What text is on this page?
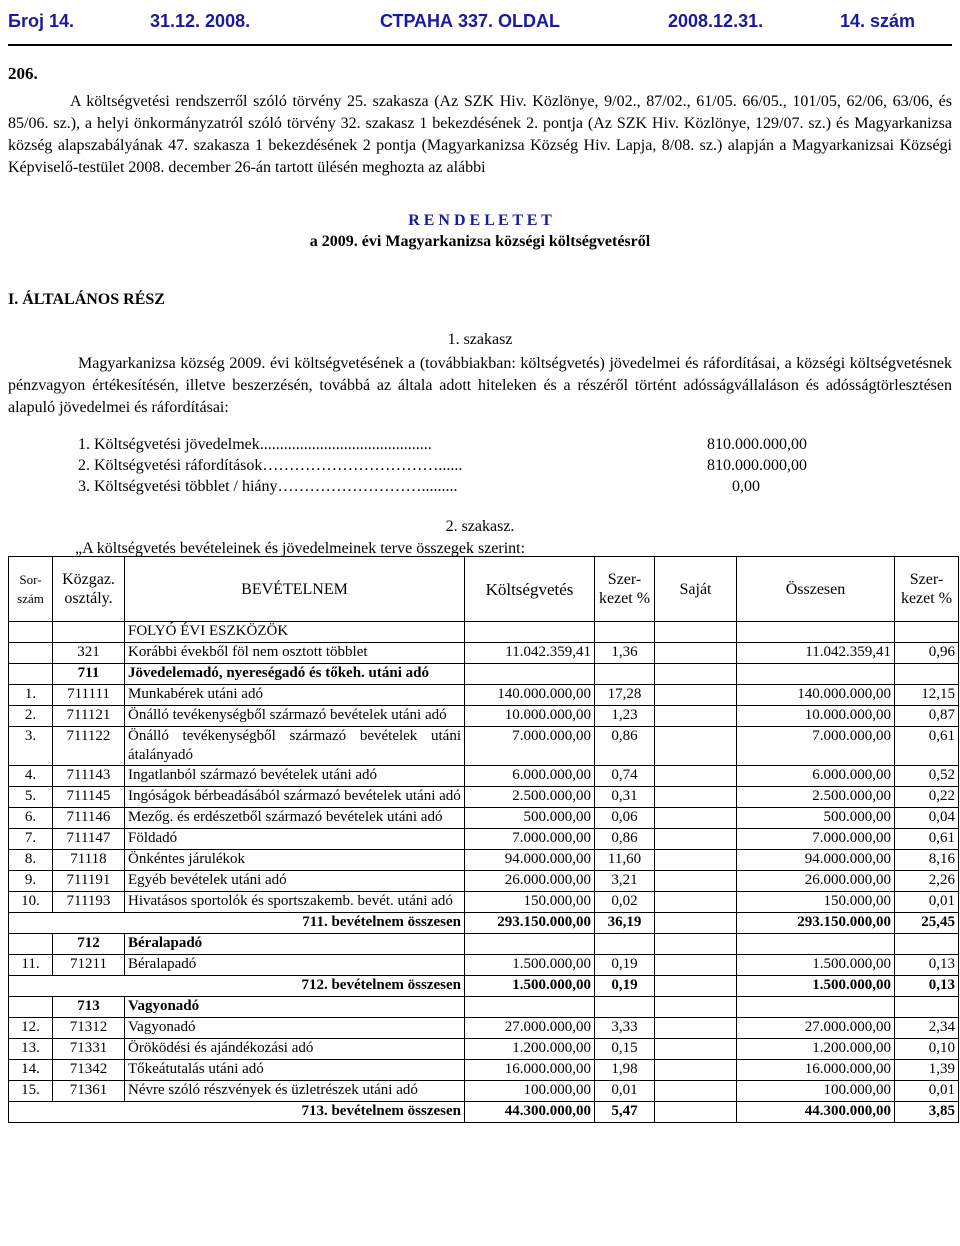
Бroj 14.	31.12. 2008.	СТРАНА 337. OLDAL	2008.12.31.	14. szám
206.

A költségvetési rendszerről szóló törvény 25. szakasza (Az SZK Hiv. Közlönye, 9/02., 87/02., 61/05. 66/05., 101/05, 62/06, 63/06, és 85/06. sz.), a helyi önkormányzatról szóló törvény 32. szakasz 1 bekezdésének 2. pontja (Az SZK Hiv. Közlönye, 129/07. sz.) és Magyarkanizsa község alapszabályának 47. szakasza 1 bekezdésének 2 pontja (Magyarkanizsa Község Hiv. Lapja, 8/08. sz.) alapján a Magyarkanizsai Községi Képviselő-testület 2008. december 26-án tartott ülésén meghozta az alábbi

R E N D E L E T E T
a 2009. évi Magyarkanizsa községi költségvetésről
I. ÁLTALÁNOS RÉSZ
1. szakasz

Magyarkanizsa község 2009. évi költségvetésének a (továbbiakban: költségvetés) jövedelmei és ráfordításai, a községi költségvetésnek pénzvagyon értékesítésén, illetve beszerzésén, továbbá az általa adott hiteleken és a részéről történt adósságvállaláson és adósságtörlesztésen alapuló jövedelmei és ráfordításai:

1. Költségvetési jövedelmek...........................................	810.000.000,00
2. Költségvetési ráfordítások……………………………......	810.000.000,00
3. Költségvetési többlet / hiány……………………….........	0,00
2. szakasz.
„A költségvetés bevételeinek és jövedelmeinek terve összegek szerint:
Sor-szám	Közgaz. osztály.	BEVÉTELNEM	Költségvetés	Szer-kezet %	Saját	Összesen	Szer-kezet %
		FOLYÓ ÉVI ESZKÖZÖK					
	321	Korábbi évekből föl nem osztott többlet	11.042.359,41	1,36		11.042.359,41	0,96
	711	Jövedelemadó, nyereségadó és tőkeh. utáni adó					
1.	711111	Munkabérek utáni adó	140.000.000,00	17,28		140.000.000,00	12,15
2.	711121	Önálló tevékenységből származó bevételek utáni adó	10.000.000,00	1,23		10.000.000,00	0,87
3.	711122	Önálló tevékenységből származó bevételek utáni átalányadó	7.000.000,00	0,86		7.000.000,00	0,61
4.	711143	Ingatlanból származó bevételek utáni adó	6.000.000,00	0,74		6.000.000,00	0,52
5.	711145	Ingóságok bérbeadásából származó bevételek utáni adó	2.500.000,00	0,31		2.500.000,00	0,22
6.	711146	Mezőg. és erdészetből származó bevételek utáni adó	500.000,00	0,06		500.000,00	0,04
7.	711147	Földadó	7.000.000,00	0,86		7.000.000,00	0,61
8.	71118	Önkéntes járulékok	94.000.000,00	11,60		94.000.000,00	8,16
9.	711191	Egyéb bevételek utáni adó	26.000.000,00	3,21		26.000.000,00	2,26
10.	711193	Hivatásos sportolók és sportszakemb. bevét. utáni adó	150.000,00	0,02		150.000,00	0,01
711. bevételnem összesen			293.150.000,00	36,19		293.150.000,00	25,45
	712	Béralapadó					
11.	71211	Béralapadó	1.500.000,00	0,19		1.500.000,00	0,13
712. bevételnem összesen			1.500.000,00	0,19		1.500.000,00	0,13
	713	Vagyonadó					
12.	71312	Vagyonadó	27.000.000,00	3,33		27.000.000,00	2,34
13.	71331	Öröködési és ajándékozási adó	1.200.000,00	0,15		1.200.000,00	0,10
14.	71342	Tőkeátutalás utáni adó	16.000.000,00	1,98		16.000.000,00	1,39
15.	71361	Névre szóló részvények és üzletrészek utáni adó	100.000,00	0,01		100.000,00	0,01
713. bevételnem összesen			44.300.000,00	5,47		44.300.000,00	3,85
